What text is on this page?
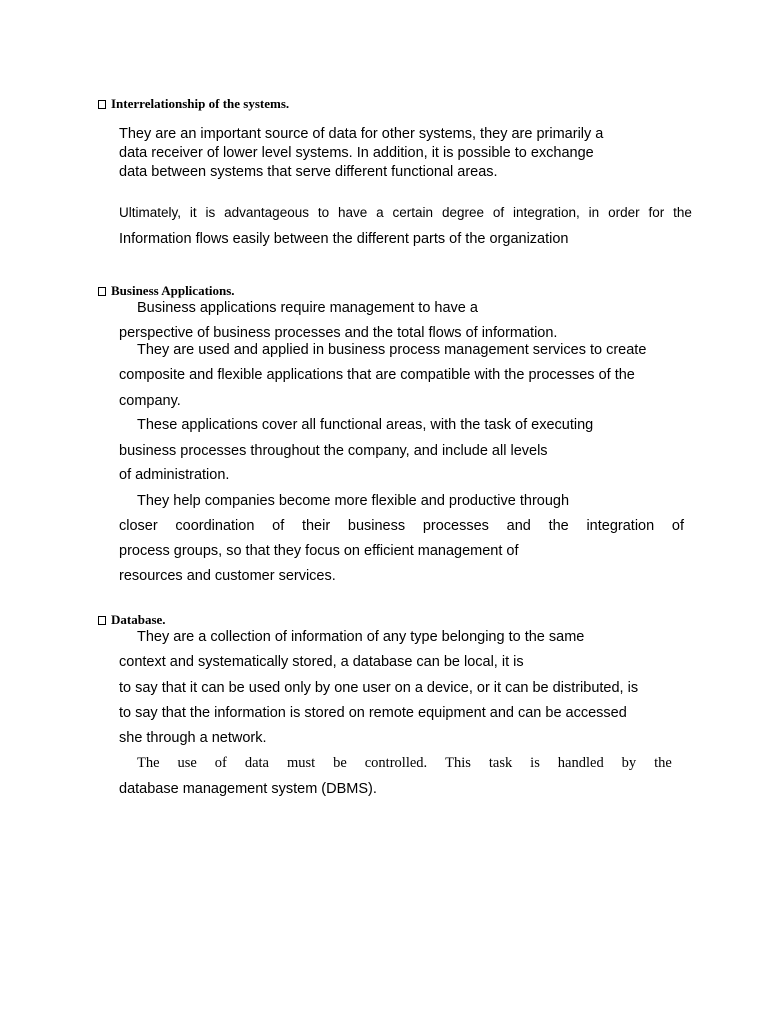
Interrelationship of the systems.

They are an important source of data for other systems, they are primarily a

data receiver of lower level systems. In addition, it is possible to exchange

data between systems that serve different functional areas.

Ultimately, it is advantageous to have a certain degree of integration, in order for the

Information flows easily between the different parts of the organization

Business Applications.

Business applications require management to have a

perspective of business processes and the total flows of information.

They are used and applied in business process management services to create

composite and flexible applications that are compatible with the processes of the

company.

These applications cover all functional areas, with the task of executing

business processes throughout the company, and include all levels

of administration.

They help companies become more flexible and productive through

closer coordination of their business processes and the integration of

process groups, so that they focus on efficient management of

resources and customer services.

Database.

They are a collection of information of any type belonging to the same

context and systematically stored, a database can be local, it is

to say that it can be used only by one user on a device, or it can be distributed, is

to say that the information is stored on remote equipment and can be accessed

she through a network.

The use of data must be controlled. This task is handled by the

database management system (DBMS).
